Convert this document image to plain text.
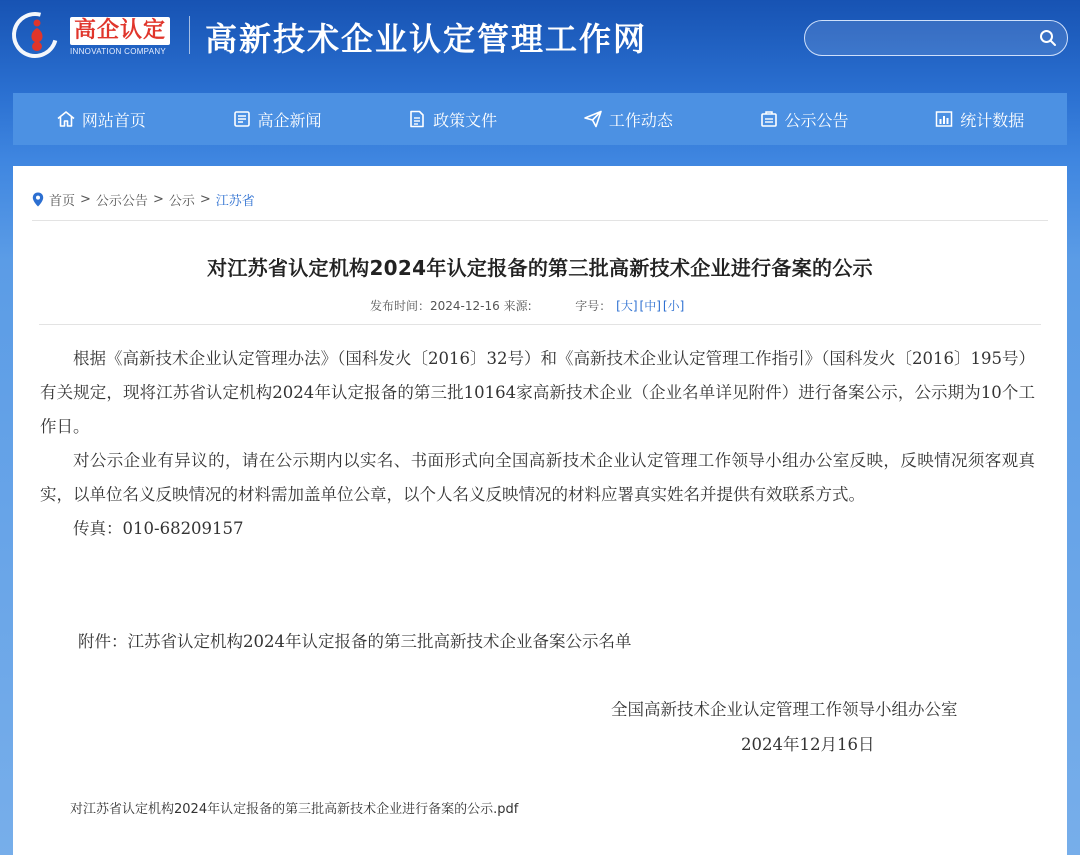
高企认定
INNOVATION COMPANY 高新技术企业认定管理工作网
网站首页	高企新闻	政策文件	工作动态	公示公告	统计数据
首页 > 公示公告 > 公示 > 江苏省
对江苏省认定机构2024年认定报备的第三批高新技术企业进行备案的公示
发布时间：2024-12-16 来源:	字号： [大] [中] [小]

根据《高新技术企业认定管理办法》（国科发火〔2016〕32号）和《高新技术企业认定管理工作指引》（国科发火〔2016〕195号）有关规定，现将江苏省认定机构2024年认定报备的第三批10164家高新技术企业（企业名单详见附件）进行备案公示，公示期为10个工作日。

对公示企业有异议的，请在公示期内以实名、书面形式向全国高新技术企业认定管理工作领导小组办公室反映，反映情况须客观真实，以单位名义反映情况的材料需加盖单位公章，以个人名义反映情况的材料应署真实姓名并提供有效联系方式。

传真：010-68209157

附件：江苏省认定机构2024年认定报备的第三批高新技术企业备案公示名单
全国高新技术企业认定管理工作领导小组办公室
2024年12月16日
对江苏省认定机构2024年认定报备的第三批高新技术企业进行备案的公示.pdf
